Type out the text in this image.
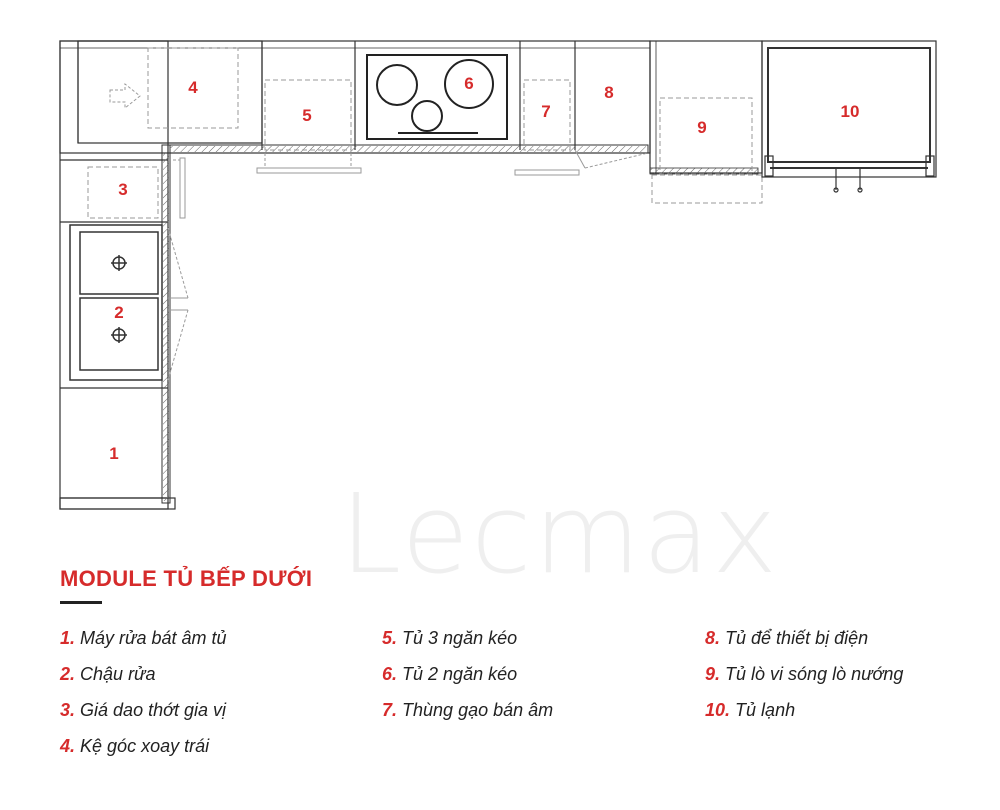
1
2
3
4
5
6
7
8
9
10
Lecmax
MODULE TỦ BẾP DƯỚI
1. Máy rửa bát âm tủ
2. Chậu rửa
3. Giá dao thớt gia vị
4. Kệ góc xoay trái
5. Tủ 3 ngăn kéo
6. Tủ 2 ngăn kéo
7. Thùng gạo bán âm
8. Tủ để thiết bị điện
9. Tủ lò vi sóng lò nướng
10. Tủ lạnh
